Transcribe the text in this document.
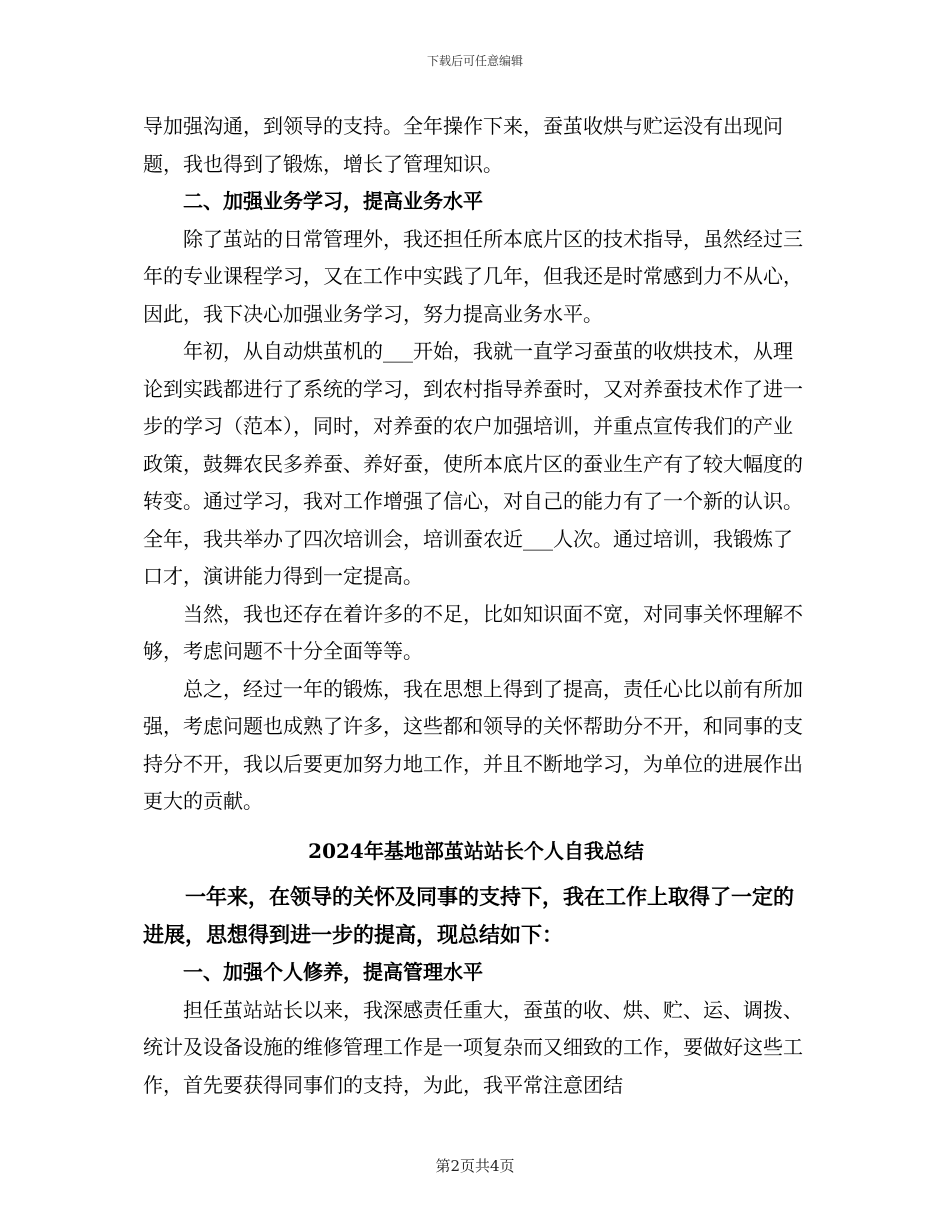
下载后可任意编辑

导加强沟通，到领导的支持。全年操作下来，蚕茧收烘与贮运没有出现问题，我也得到了锻炼，增长了管理知识。

二、加强业务学习，提高业务水平

除了茧站的日常管理外，我还担任所本底片区的技术指导，虽然经过三年的专业课程学习，又在工作中实践了几年，但我还是时常感到力不从心，因此，我下决心加强业务学习，努力提高业务水平。

年初，从自动烘茧机的___开始，我就一直学习蚕茧的收烘技术，从理论到实践都进行了系统的学习，到农村指导养蚕时，又对养蚕技术作了进一步的学习（范本），同时，对养蚕的农户加强培训，并重点宣传我们的产业政策，鼓舞农民多养蚕、养好蚕，使所本底片区的蚕业生产有了较大幅度的转变。通过学习，我对工作增强了信心，对自己的能力有了一个新的认识。全年，我共举办了四次培训会，培训蚕农近___人次。通过培训，我锻炼了口才，演讲能力得到一定提高。

当然，我也还存在着许多的不足，比如知识面不宽，对同事关怀理解不够，考虑问题不十分全面等等。

总之，经过一年的锻炼，我在思想上得到了提高，责任心比以前有所加强，考虑问题也成熟了许多，这些都和领导的关怀帮助分不开，和同事的支持分不开，我以后要更加努力地工作，并且不断地学习，为单位的进展作出更大的贡献。

2024年基地部茧站站长个人自我总结

一年来，在领导的关怀及同事的支持下，我在工作上取得了一定的进展，思想得到进一步的提高，现总结如下：

一、加强个人修养，提高管理水平

担任茧站站长以来，我深感责任重大，蚕茧的收、烘、贮、运、调拨、统计及设备设施的维修管理工作是一项复杂而又细致的工作，要做好这些工作，首先要获得同事们的支持，为此，我平常注意团结

第2页共4页
